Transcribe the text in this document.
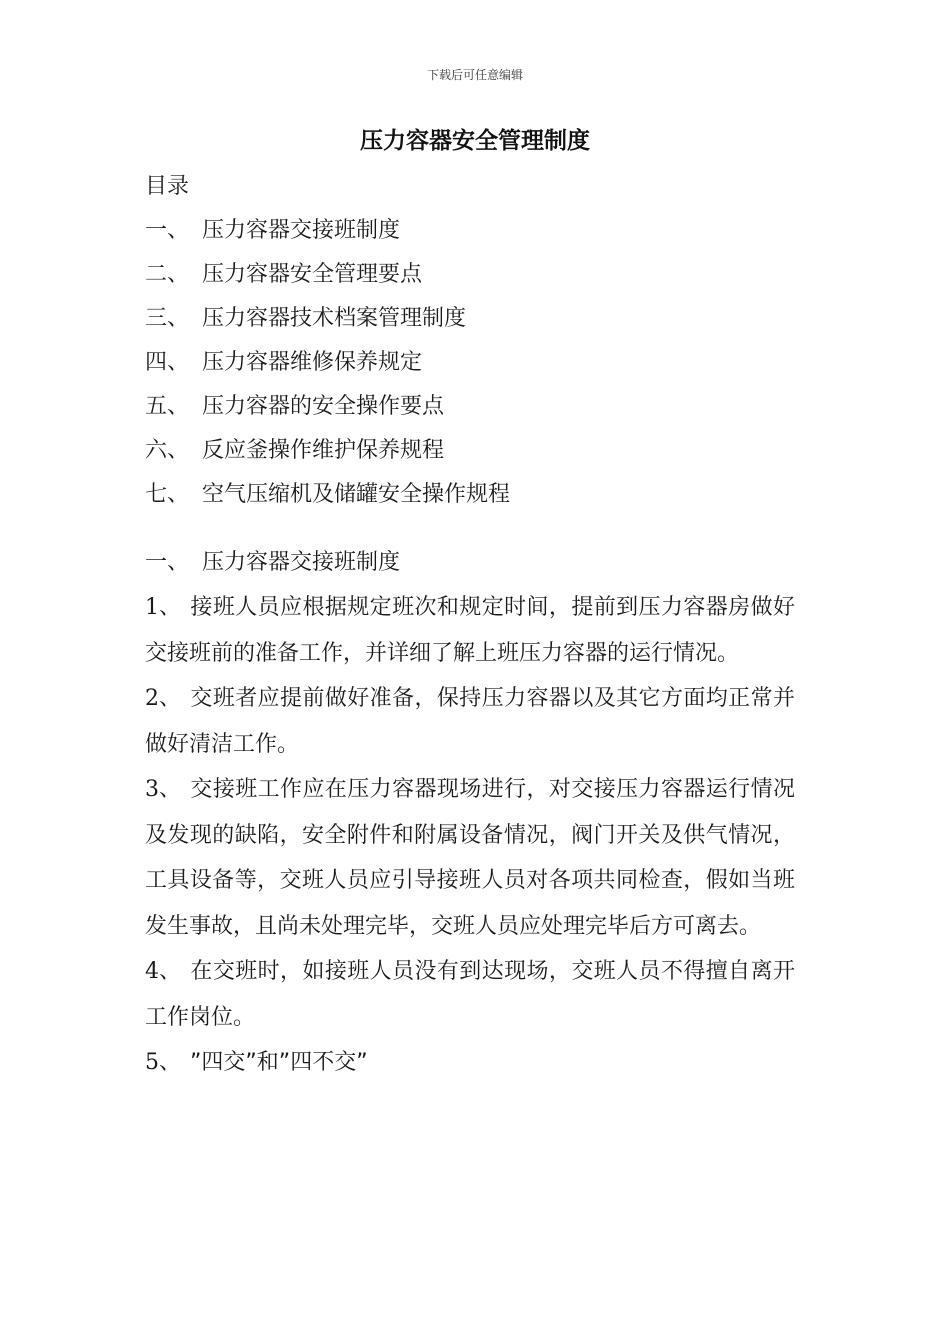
下载后可任意编辑
压力容器安全管理制度

目录

一、 压力容器交接班制度
二、 压力容器安全管理要点
三、 压力容器技术档案管理制度
四、 压力容器维修保养规定
五、 压力容器的安全操作要点
六、 反应釜操作维护保养规程
七、 空气压缩机及储罐安全操作规程

一、 压力容器交接班制度

1、 接班人员应根据规定班次和规定时间，提前到压力容器房做好交接班前的准备工作，并详细了解上班压力容器的运行情况。

2、 交班者应提前做好准备，保持压力容器以及其它方面均正常并做好清洁工作。

3、 交接班工作应在压力容器现场进行，对交接压力容器运行情况及发现的缺陷，安全附件和附属设备情况，阀门开关及供气情况，工具设备等，交班人员应引导接班人员对各项共同检查，假如当班发生事故，且尚未处理完毕，交班人员应处理完毕后方可离去。

4、 在交班时，如接班人员没有到达现场，交班人员不得擅自离开工作岗位。

5、 ”四交”和”四不交”
